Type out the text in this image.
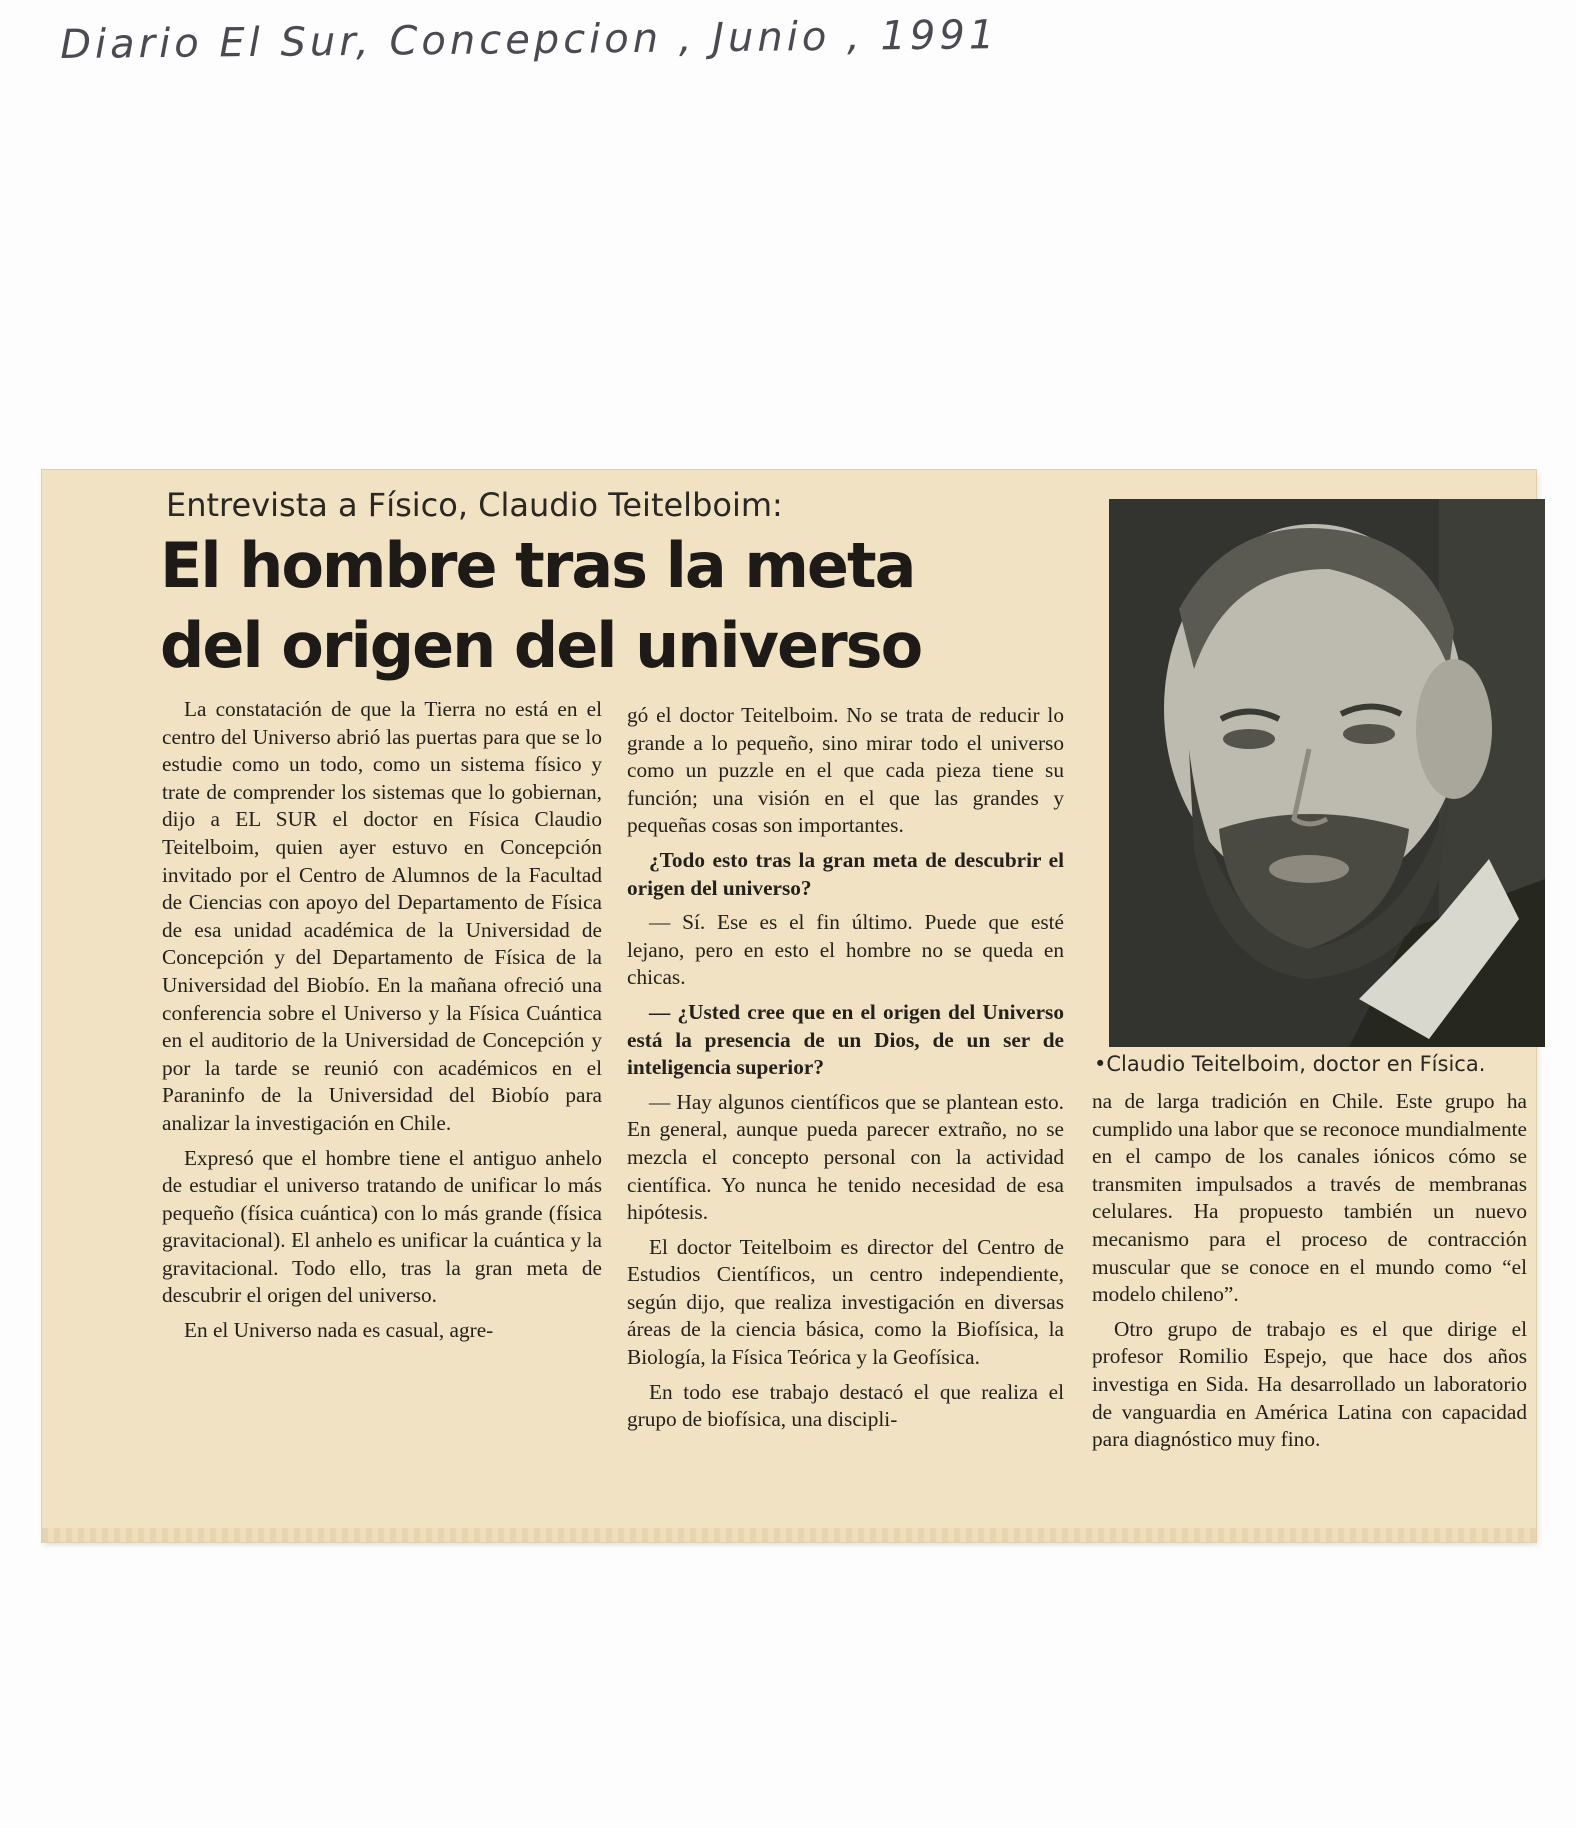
Diario El Sur, Concepcion , Junio , 1991
Entrevista a Físico, Claudio Teitelboim:
El hombre tras la meta
del origen del universo

La constatación de que la Tierra no está en el centro del Universo abrió las puertas para que se lo estudie como un todo, como un sistema físico y trate de comprender los sistemas que lo gobiernan, dijo a EL SUR el doctor en Física Claudio Teitelboim, quien ayer estuvo en Concepción invitado por el Centro de Alumnos de la Facultad de Ciencias con apoyo del Departamento de Física de esa unidad académica de la Universidad de Concepción y del Departamento de Física de la Universidad del Biobío. En la mañana ofreció una conferencia sobre el Universo y la Física Cuántica en el auditorio de la Universidad de Concepción y por la tarde se reunió con académicos en el Paraninfo de la Universidad del Biobío para analizar la investigación en Chile.

Expresó que el hombre tiene el antiguo anhelo de estudiar el universo tratando de unificar lo más pequeño (física cuántica) con lo más grande (física gravitacional). El anhelo es unificar la cuántica y la gravitacional. Todo ello, tras la gran meta de descubrir el origen del universo.

En el Universo nada es casual, agre-

gó el doctor Teitelboim. No se trata de reducir lo grande a lo pequeño, sino mirar todo el universo como un puzzle en el que cada pieza tiene su función; una visión en el que las grandes y pequeñas cosas son importantes.

¿Todo esto tras la gran meta de descubrir el origen del universo?

— Sí. Ese es el fin último. Puede que esté lejano, pero en esto el hombre no se queda en chicas.

— ¿Usted cree que en el origen del Universo está la presencia de un Dios, de un ser de inteligencia superior?

— Hay algunos científicos que se plantean esto. En general, aunque pueda parecer extraño, no se mezcla el concepto personal con la actividad científica. Yo nunca he tenido necesidad de esa hipótesis.

El doctor Teitelboim es director del Centro de Estudios Científicos, un centro independiente, según dijo, que realiza investigación en diversas áreas de la ciencia básica, como la Biofísica, la Biología, la Física Teórica y la Geofísica.

En todo ese trabajo destacó el que realiza el grupo de biofísica, una discipli-

•Claudio Teitelboim, doctor en Física.

na de larga tradición en Chile. Este grupo ha cumplido una labor que se reconoce mundialmente en el campo de los canales iónicos cómo se transmiten impulsados a través de membranas celulares. Ha propuesto también un nuevo mecanismo para el proceso de contracción muscular que se conoce en el mundo como “el modelo chileno”.

Otro grupo de trabajo es el que dirige el profesor Romilio Espejo, que hace dos años investiga en Sida. Ha desarrollado un laboratorio de vanguardia en América Latina con capacidad para diagnóstico muy fino.
